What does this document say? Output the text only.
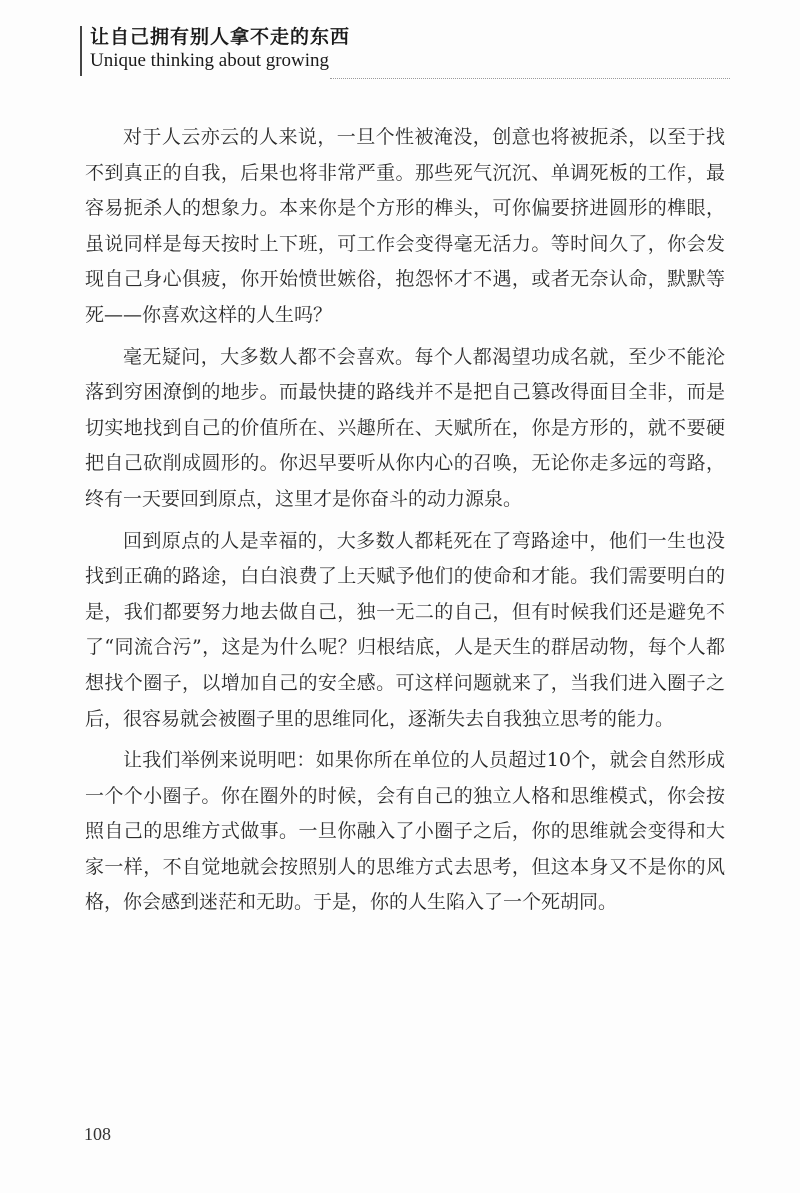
让自己拥有别人拿不走的东西
Unique thinking about growing

对于人云亦云的人来说，一旦个性被淹没，创意也将被扼杀，以至于找不到真正的自我，后果也将非常严重。那些死气沉沉、单调死板的工作，最容易扼杀人的想象力。本来你是个方形的榫头，可你偏要挤进圆形的榫眼，虽说同样是每天按时上下班，可工作会变得毫无活力。等时间久了，你会发现自己身心俱疲，你开始愤世嫉俗，抱怨怀才不遇，或者无奈认命，默默等死——你喜欢这样的人生吗？

毫无疑问，大多数人都不会喜欢。每个人都渴望功成名就，至少不能沦落到穷困潦倒的地步。而最快捷的路线并不是把自己篡改得面目全非，而是切实地找到自己的价值所在、兴趣所在、天赋所在，你是方形的，就不要硬把自己砍削成圆形的。你迟早要听从你内心的召唤，无论你走多远的弯路，终有一天要回到原点，这里才是你奋斗的动力源泉。

回到原点的人是幸福的，大多数人都耗死在了弯路途中，他们一生也没找到正确的路途，白白浪费了上天赋予他们的使命和才能。我们需要明白的是，我们都要努力地去做自己，独一无二的自己，但有时候我们还是避免不了“同流合污”，这是为什么呢？归根结底，人是天生的群居动物，每个人都想找个圈子，以增加自己的安全感。可这样问题就来了，当我们进入圈子之后，很容易就会被圈子里的思维同化，逐渐失去自我独立思考的能力。

让我们举例来说明吧：如果你所在单位的人员超过10个，就会自然形成一个个小圈子。你在圈外的时候，会有自己的独立人格和思维模式，你会按照自己的思维方式做事。一旦你融入了小圈子之后，你的思维就会变得和大家一样，不自觉地就会按照别人的思维方式去思考，但这本身又不是你的风格，你会感到迷茫和无助。于是，你的人生陷入了一个死胡同。

108
